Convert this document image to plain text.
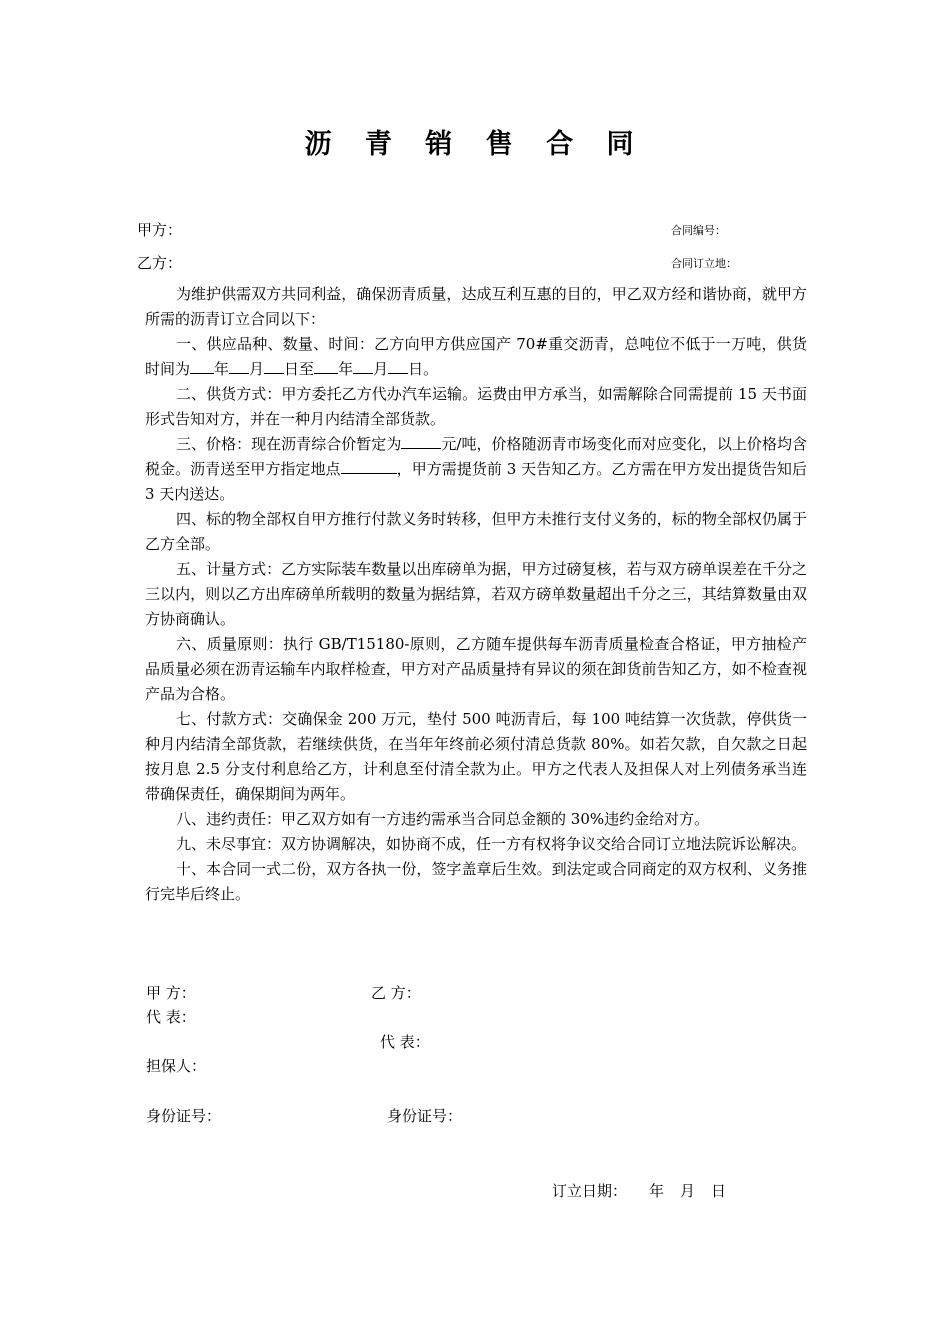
沥 青 销 售 合 同
甲方：
乙方：
合同编号：
合同订立地：

为维护供需双方共同利益，确保沥青质量，达成互利互惠的目的，甲乙双方经和谐协商，就甲方所需的沥青订立合同以下：

一、供应品种、数量、时间：乙方向甲方供应国产 70#重交沥青，总吨位不低于一万吨，供货时间为 年 月 日至 年 月 日。

二、供货方式：甲方委托乙方代办汽车运输。运费由甲方承当，如需解除合同需提前 15 天书面形式告知对方，并在一种月内结清全部货款。

三、价格：现在沥青综合价暂定为	元/吨，价格随沥青市场变化而对应变化，以上价格均含税金。沥青送至甲方指定地点	，甲方需提货前 3 天告知乙方。乙方需在甲方发出提货告知后 3 天内送达。

四、标的物全部权自甲方推行付款义务时转移，但甲方未推行支付义务的，标的物全部权仍属于乙方全部。

五、计量方式：乙方实际装车数量以出库磅单为据，甲方过磅复核，若与双方磅单误差在千分之三以内，则以乙方出库磅单所载明的数量为据结算，若双方磅单数量超出千分之三，其结算数量由双方协商确认。

六、质量原则：执行 GB/T15180-原则，乙方随车提供每车沥青质量检查合格证，甲方抽检产品质量必须在沥青运输车内取样检查，甲方对产品质量持有异议的须在卸货前告知乙方，如不检查视产品为合格。

七、付款方式：交确保金 200 万元，垫付 500 吨沥青后，每 100 吨结算一次货款，停供货一种月内结清全部货款，若继续供货，在当年年终前必须付清总货款 80%。如若欠款，自欠款之日起按月息 2.5 分支付利息给乙方，计利息至付清全款为止。甲方之代表人及担保人对上列债务承当连带确保责任，确保期间为两年。

八、违约责任：甲乙双方如有一方违约需承当合同总金额的 30%违约金给对方。

九、未尽事宜：双方协调解决，如协商不成，任一方有权将争议交给合同订立地法院诉讼解决。

十、本合同一式二份，双方各执一份，签字盖章后生效。到法定或合同商定的双方权利、义务推行完毕后终止。

甲 方：	乙 方：
代 表：
代 表：
担保人：
身份证号：	身份证号：
订立日期： 年 月 日
